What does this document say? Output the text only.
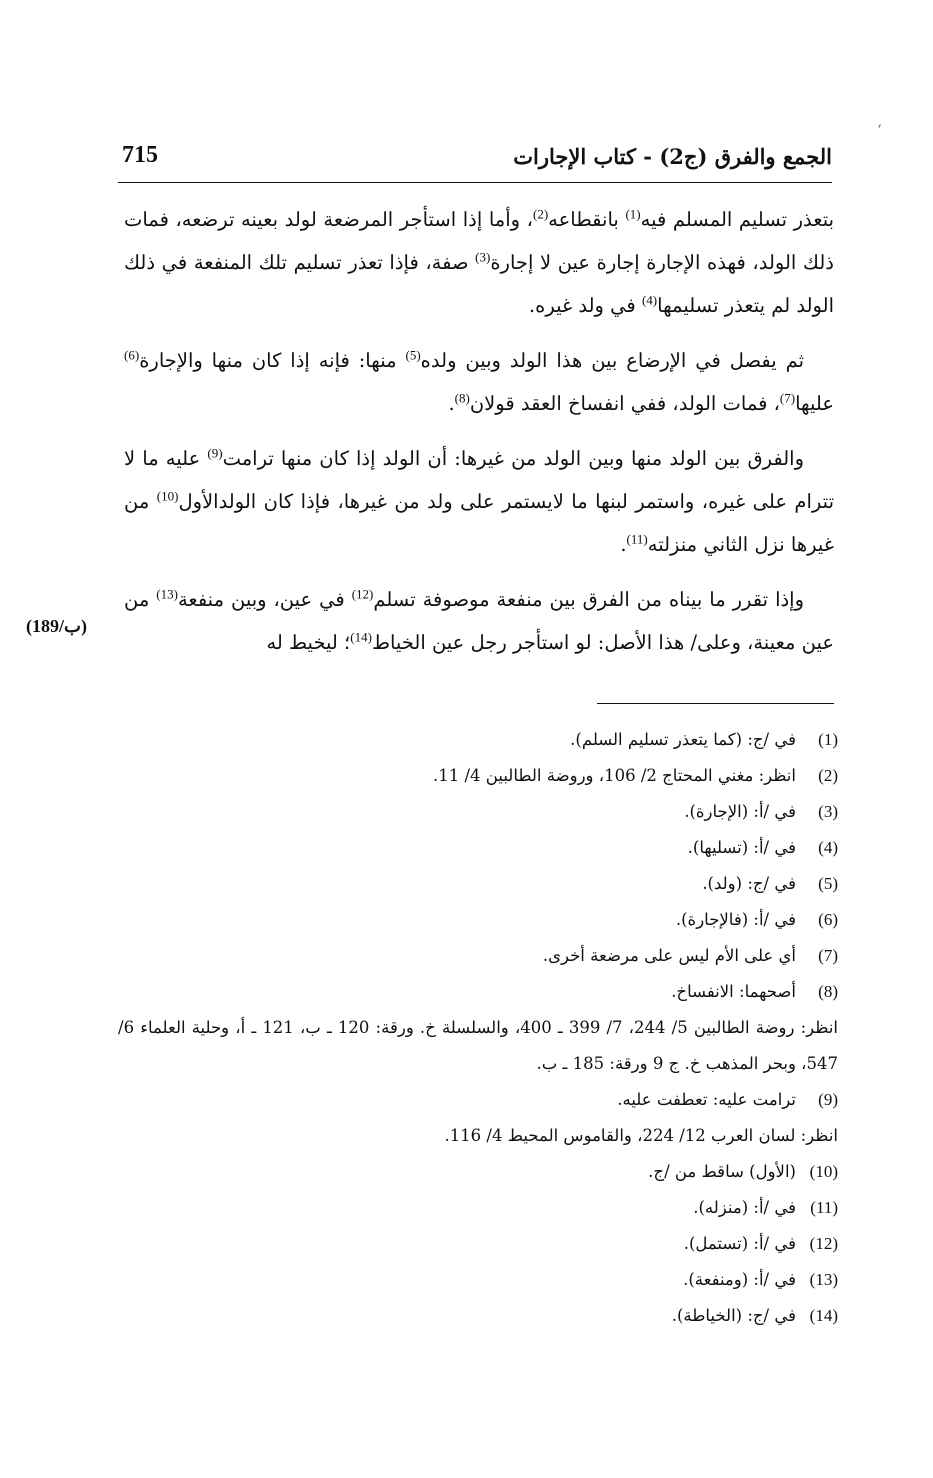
׳
715	الجمع والفرق (ج2) - كتاب الإجارات

بتعذر تسليم المسلم فيه$^{(1)}$ بانقطاعه$^{(2)}$، وأما إذا استأجر المرضعة لولد بعينه ترضعه، فمات ذلك الولد، فهذه الإجارة إجارة عين لا إجارة$^{(3)}$ صفة، فإذا تعذر تسليم تلك المنفعة في ذلك الولد لم يتعذر تسليمها$^{(4)}$ في ولد غيره.

ثم يفصل في الإرضاع بين هذا الولد وبين ولده$^{(5)}$ منها: فإنه إذا كان منها والإجارة$^{(6)}$ عليها$^{(7)}$، فمات الولد، ففي انفساخ العقد قولان$^{(8)}$.

والفرق بين الولد منها وبين الولد من غيرها: أن الولد إذا كان منها ترامت$^{(9)}$ عليه ما لا تترام على غيره، واستمر لبنها ما لايستمر على ولد من غيرها، فإذا كان الولدالأول$^{(10)}$ من غيرها نزل الثاني منزلته$^{(11)}$.

وإذا تقرر ما بيناه من الفرق بين منفعة موصوفة تسلم$^{(12)}$ في عين، وبين منفعة$^{(13)}$ من عين معينة، وعلى/ هذا الأصل: لو استأجر رجل عين الخياط$^{(14)}$؛ ليخيط له

(189/ب)
(1)
في /ج: (كما يتعذر تسليم السلم).
(2)
انظر: مغني المحتاج 2/ 106، وروضة الطالبين 4/ 11.
(3)
في /أ: (الإجارة).
(4)
في /أ: (تسليها).
(5)
في /ج: (ولد).
(6)
في /أ: (فالإجارة).
(7)
أي على الأم ليس على مرضعة أخرى.
(8)
أصحهما: الانفساخ.
انظر: روضة الطالبين 5/ 244، 7/ 399 ـ 400، والسلسلة خ. ورقة: 120 ـ ب، 121 ـ أ، وحلية العلماء 6/ 547، وبحر المذهب خ. ج 9 ورقة: 185 ـ ب.
(9)
ترامت عليه: تعطفت عليه.
انظر: لسان العرب 12/ 224، والقاموس المحيط 4/ 116.
(10)
(الأول) ساقط من /ج.
(11)
في /أ: (منزله).
(12)
في /أ: (تستمل).
(13)
في /أ: (ومنفعة).
(14)
في /ج: (الخياطة).
